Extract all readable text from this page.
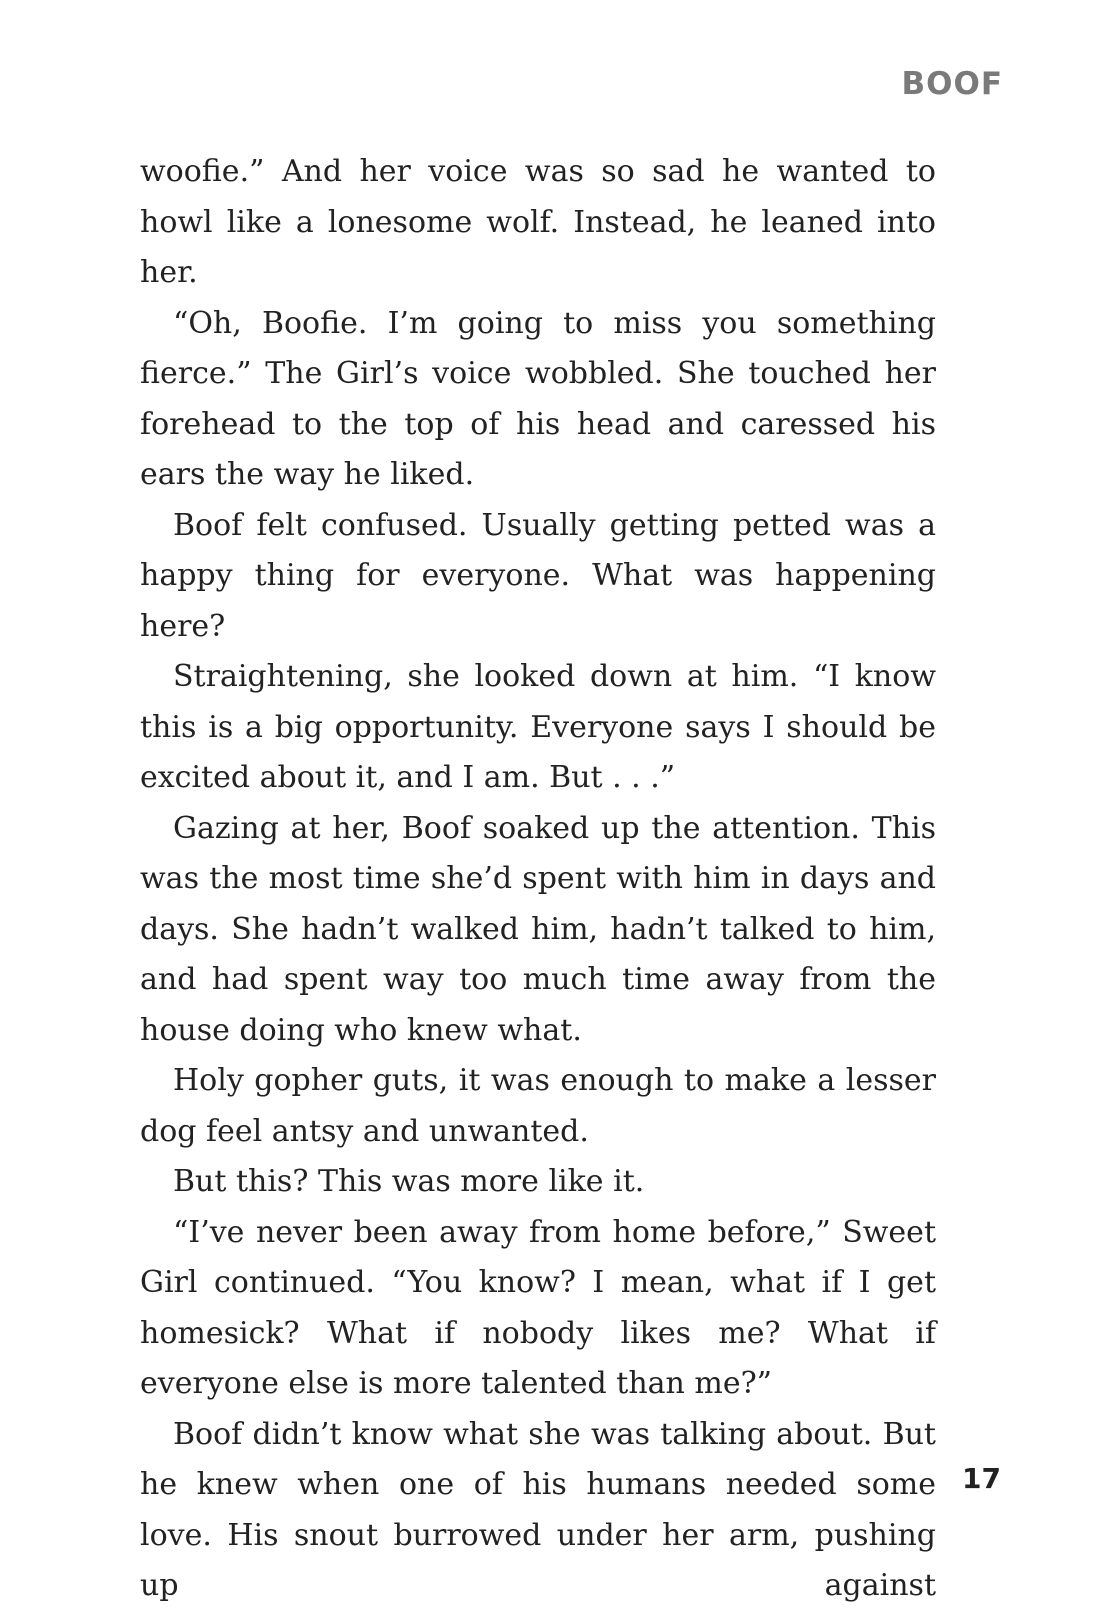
BOOF

woofie.” And her voice was so sad he wanted to howl like a lonesome wolf. Instead, he leaned into her.

“Oh, Boofie. I’m going to miss you something fierce.” The Girl’s voice wobbled. She touched her forehead to the top of his head and caressed his ears the way he liked.

Boof felt confused. Usually getting petted was a happy thing for everyone. What was happening here?

Straightening, she looked down at him. “I know this is a big opportunity. Everyone says I should be excited about it, and I am. But . . .”

Gazing at her, Boof soaked up the attention. This was the most time she’d spent with him in days and days. She hadn’t walked him, hadn’t talked to him, and had spent way too much time away from the house doing who knew what.

Holy gopher guts, it was enough to make a lesser dog feel antsy and unwanted.

But this? This was more like it.

“I’ve never been away from home before,” Sweet Girl continued. “You know? I mean, what if I get homesick? What if nobody likes me? What if everyone else is more talented than me?”

Boof didn’t know what she was talking about. But he knew when one of his humans needed some love. His snout burrowed under her arm, pushing up against

17
